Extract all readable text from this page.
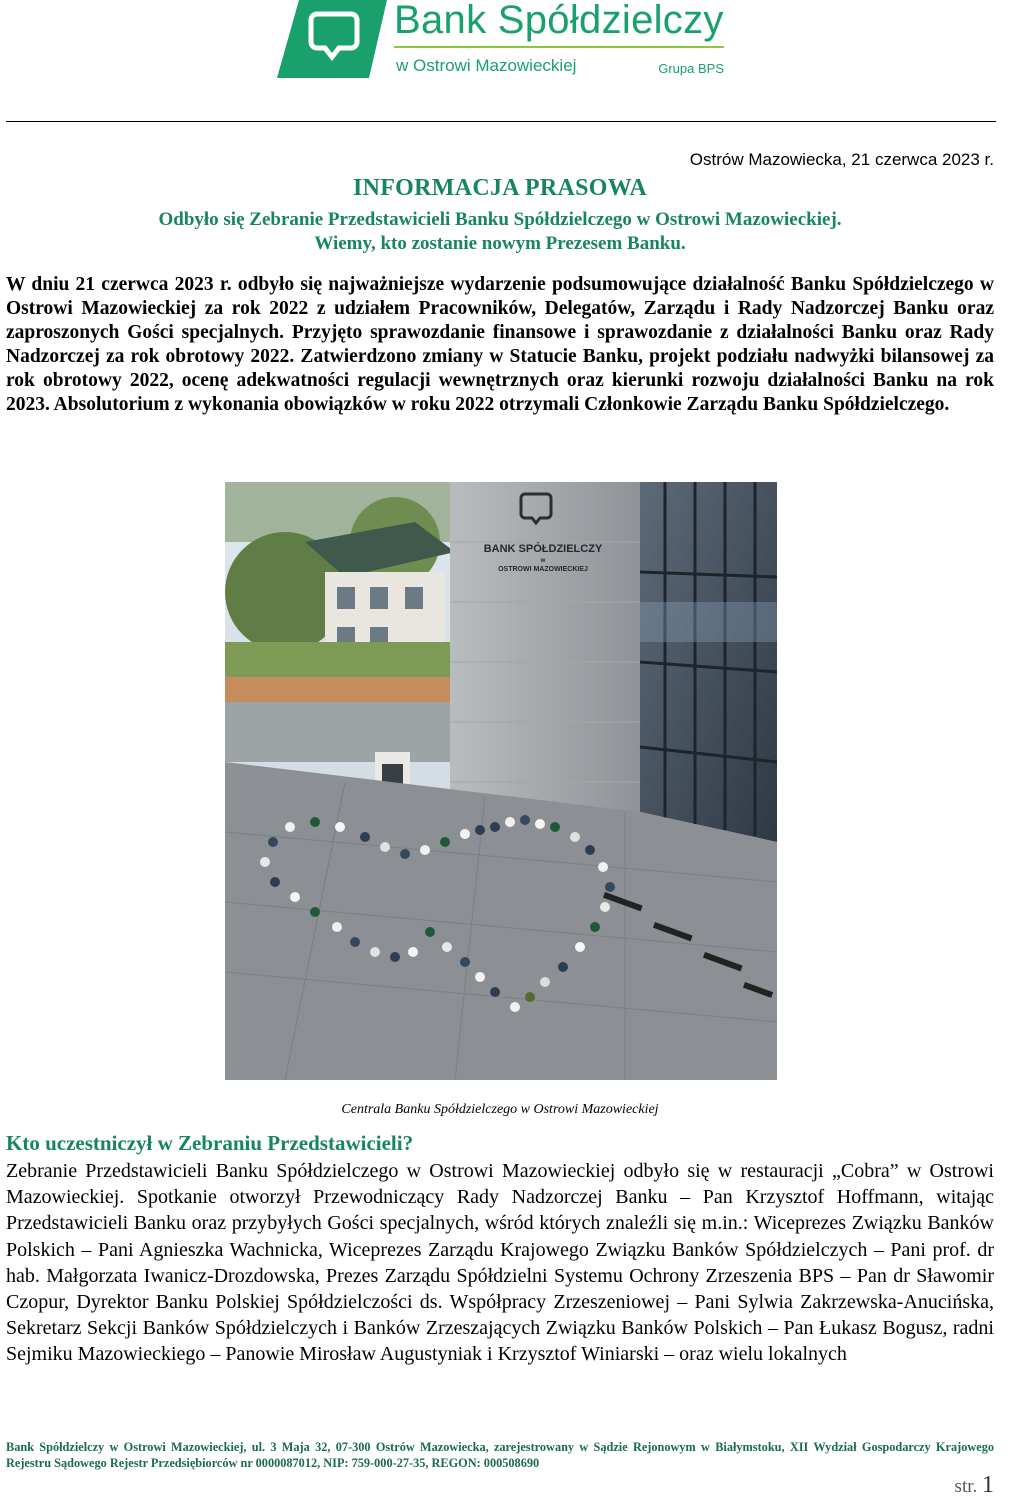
Bank Spółdzielczy
w Ostrowi Mazowieckiej	Grupa BPS
Ostrów Mazowiecka, 21 czerwca 2023 r.
INFORMACJA PRASOWA
Odbyło się Zebranie Przedstawicieli Banku Spółdzielczego w Ostrowi Mazowieckiej.
Wiemy, kto zostanie nowym Prezesem Banku.
W dniu 21 czerwca 2023 r. odbyło się najważniejsze wydarzenie podsumowujące działalność Banku Spółdzielczego w Ostrowi Mazowieckiej za rok 2022 z udziałem Pracowników, Delegatów, Zarządu i Rady Nadzorczej Banku oraz zaproszonych Gości specjalnych. Przyjęto sprawozdanie finansowe i sprawozdanie z działalności Banku oraz Rady Nadzorczej za rok obrotowy 2022. Zatwierdzono zmiany w Statucie Banku, projekt podziału nadwyżki bilansowej za rok obrotowy 2022, ocenę adekwatności regulacji wewnętrznych oraz kierunki rozwoju działalności Banku na rok 2023. Absolutorium z wykonania obowiązków w roku 2022 otrzymali Członkowie Zarządu Banku Spółdzielczego.
BANK SPÓŁDZIELCZY
w
OSTROWI MAZOWIECKIEJ
Centrala Banku Spółdzielczego w Ostrowi Mazowieckiej
Kto uczestniczył w Zebraniu Przedstawicieli?
Zebranie Przedstawicieli Banku Spółdzielczego w Ostrowi Mazowieckiej odbyło się w restauracji „Cobra” w Ostrowi Mazowieckiej. Spotkanie otworzył Przewodniczący Rady Nadzorczej Banku – Pan Krzysztof Hoffmann, witając Przedstawicieli Banku oraz przybyłych Gości specjalnych, wśród których znaleźli się m.in.: Wiceprezes Związku Banków Polskich – Pani Agnieszka Wachnicka, Wiceprezes Zarządu Krajowego Związku Banków Spółdzielczych – Pani prof. dr hab. Małgorzata Iwanicz-Drozdowska, Prezes Zarządu Spółdzielni Systemu Ochrony Zrzeszenia BPS – Pan dr Sławomir Czopur, Dyrektor Banku Polskiej Spółdzielczości ds. Współpracy Zrzeszeniowej – Pani Sylwia Zakrzewska-Anucińska, Sekretarz Sekcji Banków Spółdzielczych i Banków Zrzeszających Związku Banków Polskich – Pan Łukasz Bogusz, radni Sejmiku Mazowieckiego – Panowie Mirosław Augustyniak i Krzysztof Winiarski – oraz wielu lokalnych
Bank Spółdzielczy w Ostrowi Mazowieckiej, ul. 3 Maja 32, 07-300 Ostrów Mazowiecka, zarejestrowany w Sądzie Rejonowym w Białymstoku, XII Wydział Gospodarczy Krajowego Rejestru Sądowego Rejestr Przedsiębiorców nr 0000087012, NIP: 759-000-27-35, REGON: 000508690
str. 1
